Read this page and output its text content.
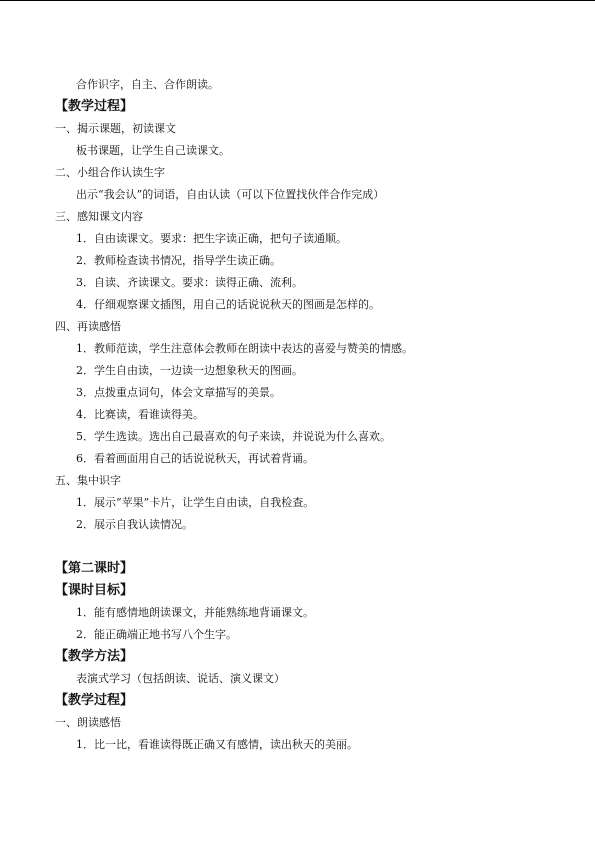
合作识字，自主、合作朗读。
【教学过程】
一、揭示课题，初读课文
板书课题，让学生自己读课文。
二、小组合作认读生字
出示“我会认”的词语，自由认读（可以下位置找伙伴合作完成）
三、感知课文内容
1．自由读课文。要求：把生字读正确，把句子读通顺。
2．教师检查读书情况，指导学生读正确。
3．自读、齐读课文。要求：读得正确、流利。
4．仔细观察课文插图，用自己的话说说秋天的图画是怎样的。
四、再读感悟
1．教师范读，学生注意体会教师在朗读中表达的喜爱与赞美的情感。
2．学生自由读，一边读一边想象秋天的图画。
3．点拨重点词句，体会文章描写的美景。
4．比赛读，看谁读得美。
5．学生选读。选出自己最喜欢的句子来读，并说说为什么喜欢。
6．看着画面用自己的话说说秋天，再试着背诵。
五、集中识字
1．展示“苹果”卡片，让学生自由读，自我检查。
2．展示自我认读情况。
【第二课时】
【课时目标】
1．能有感情地朗读课文，并能熟练地背诵课文。
2．能正确端正地书写八个生字。
【教学方法】
表演式学习（包括朗读、说话、演义课文）
【教学过程】
一、朗读感悟
1．比一比，看谁读得既正确又有感情，读出秋天的美丽。
